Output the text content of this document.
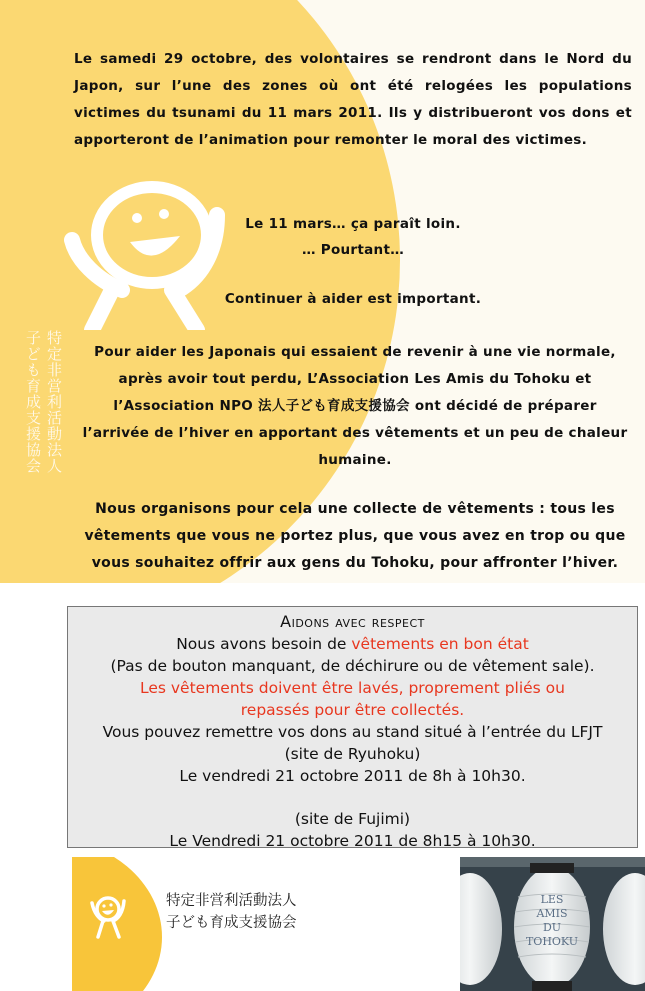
特定非営利活動法人
子ども育成支援協会

Le samedi 29 octobre, des volontaires se rendront dans le Nord du Japon, sur l’une des zones où ont été relogées les populations victimes du tsunami du 11 mars 2011. Ils y distribueront vos dons et apporteront de l’animation pour remonter le moral des victimes.

Le 11 mars… ça paraît loin.
… Pourtant…

Continuer à aider est important.

Pour aider les Japonais qui essaient de revenir à une vie normale, après avoir tout perdu, L’Association Les Amis du Tohoku et l’Association NPO 法人子ども育成支援協会 ont décidé de préparer l’arrivée de l’hiver en apportant des vêtements et un peu de chaleur humaine.

Nous organisons pour cela une collecte de vêtements : tous les vêtements que vous ne portez plus, que vous avez en trop ou que vous souhaitez offrir aux gens du Tohoku, pour affronter l’hiver.

Aidons avec respect
Nous avons besoin de vêtements en bon état
(Pas de bouton manquant, de déchirure ou de vêtement sale).
Les vêtements doivent être lavés, proprement pliés ou
repassés pour être collectés.
Vous pouvez remettre vos dons au stand situé à l’entrée du LFJT
(site de Ryuhoku)
Le vendredi 21 octobre 2011 de 8h à 10h30.
(site de Fujimi)
Le Vendredi 21 octobre 2011 de 8h15 à 10h30.

特定非営利活動法人
子ども育成支援協会

LES
AMIS
DU
TOHOKU
